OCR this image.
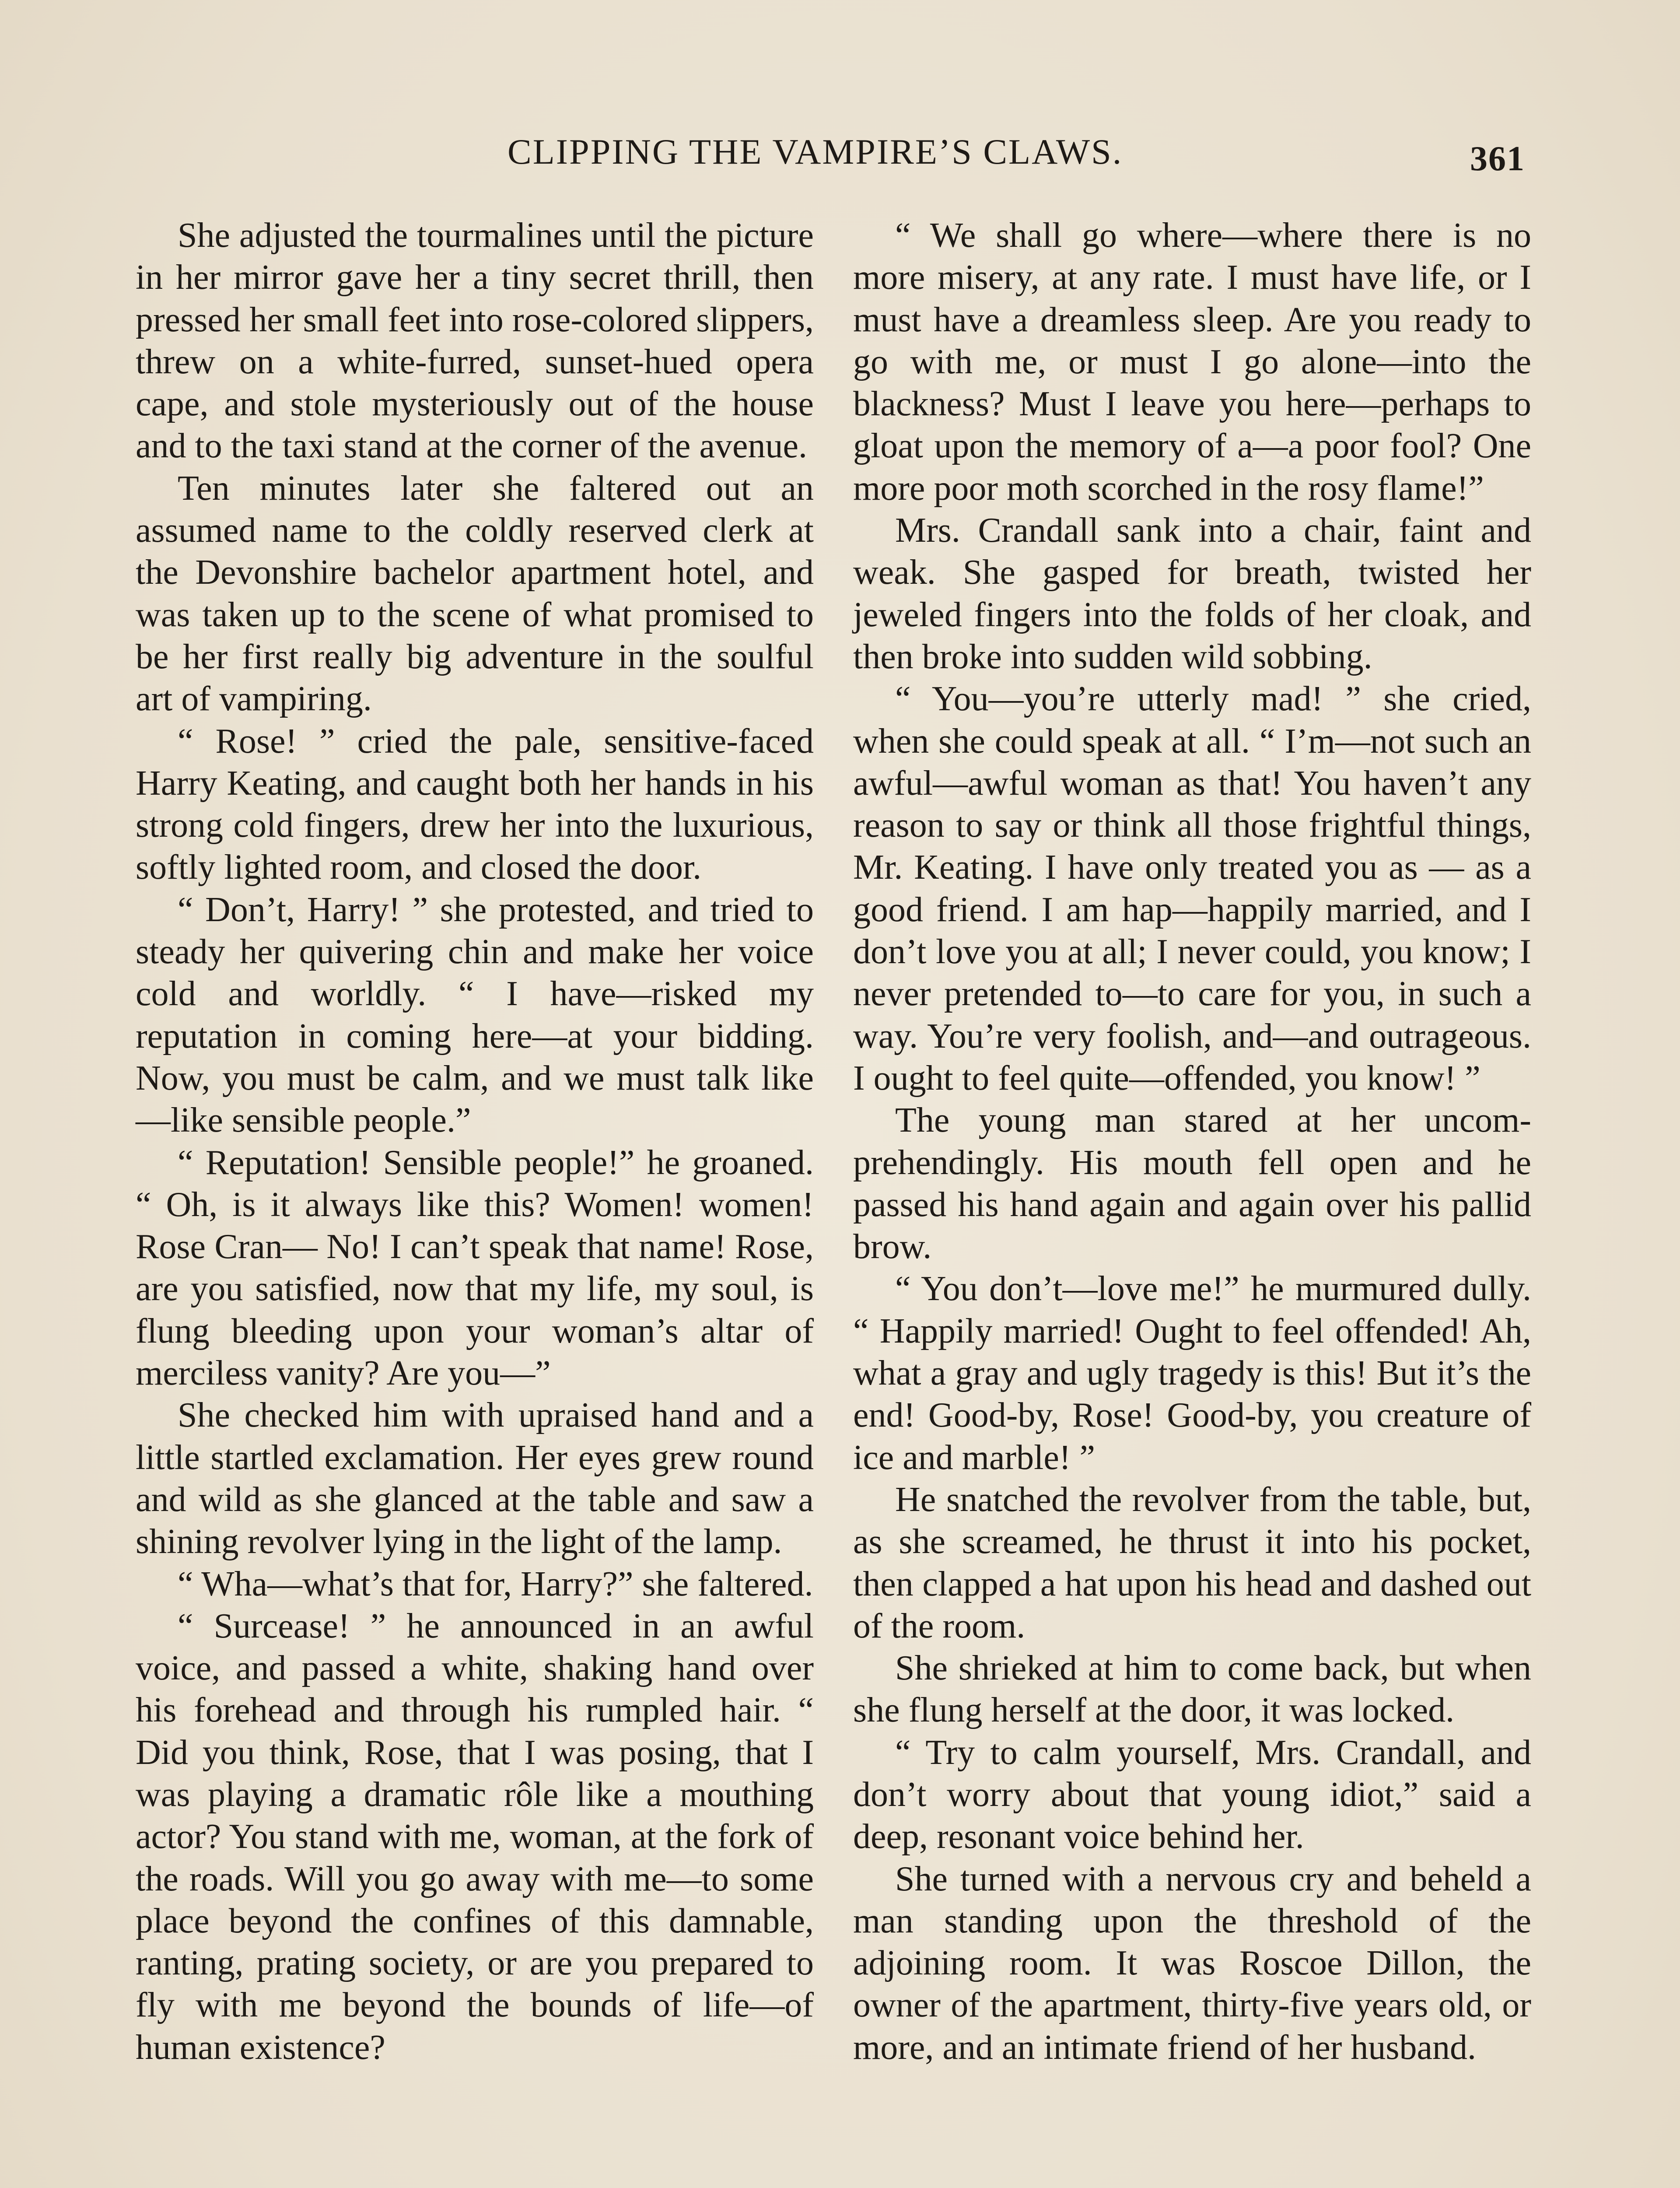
CLIPPING THE VAMPIRE’S CLAWS.	361

She adjusted the tourmalines until the picture in her mirror gave her a tiny secret thrill, then pressed her small feet into rose-colored slippers, threw on a white-furred, sunset-hued opera cape, and stole mysteriously out of the house and to the taxi stand at the corner of the avenue.

Ten minutes later she faltered out an assumed name to the coldly reserved clerk at the Devonshire bachelor apartment hotel, and was taken up to the scene of what promised to be her first really big adventure in the soulful art of vampiring.

“ Rose! ” cried the pale, sensitive-faced Harry Keating, and caught both her hands in his strong cold fingers, drew her into the luxurious, softly lighted room, and closed the door.

“ Don’t, Harry! ” she protested, and tried to steady her quivering chin and make her voice cold and worldly. “ I have—risked my reputation in coming here—at your bidding. Now, you must be calm, and we must talk like—like sensible people.”

“ Reputation! Sensible people!” he groaned. “ Oh, is it always like this? Women! women! Rose Cran— No! I can’t speak that name! Rose, are you satisfied, now that my life, my soul, is flung bleeding upon your woman’s altar of merciless vanity? Are you—”

She checked him with upraised hand and a little startled exclamation. Her eyes grew round and wild as she glanced at the table and saw a shining revolver lying in the light of the lamp.

“ Wha—what’s that for, Harry?” she faltered.

“ Surcease! ” he announced in an awful voice, and passed a white, shaking hand over his forehead and through his rumpled hair. “ Did you think, Rose, that I was posing, that I was playing a dramatic rôle like a mouthing actor? You stand with me, woman, at the fork of the roads. Will you go away with me—to some place beyond the confines of this damnable, ranting, prating society, or are you prepared to fly with me beyond the bounds of life—of human existence?

“ We shall go where—where there is no more misery, at any rate. I must have life, or I must have a dreamless sleep. Are you ready to go with me, or must I go alone—into the blackness? Must I leave you here—perhaps to gloat upon the memory of a—a poor fool? One more poor moth scorched in the rosy flame!”

Mrs. Crandall sank into a chair, faint and weak. She gasped for breath, twisted her jeweled fingers into the folds of her cloak, and then broke into sudden wild sobbing.

“ You—you’re utterly mad! ” she cried, when she could speak at all. “ I’m—not such an awful—awful woman as that! You haven’t any reason to say or think all those frightful things, Mr. Keating. I have only treated you as — as a good friend. I am hap—happily married, and I don’t love you at all; I never could, you know; I never pretended to—to care for you, in such a way. You’re very foolish, and—and outrageous. I ought to feel quite—offended, you know! ”

The young man stared at her uncomprehendingly. His mouth fell open and he passed his hand again and again over his pallid brow.

“ You don’t—love me!” he murmured dully. “ Happily married! Ought to feel offended! Ah, what a gray and ugly tragedy is this! But it’s the end! Good-by, Rose! Good-by, you creature of ice and marble! ”

He snatched the revolver from the table, but, as she screamed, he thrust it into his pocket, then clapped a hat upon his head and dashed out of the room.

She shrieked at him to come back, but when she flung herself at the door, it was locked.

“ Try to calm yourself, Mrs. Crandall, and don’t worry about that young idiot,” said a deep, resonant voice behind her.

She turned with a nervous cry and beheld a man standing upon the threshold of the adjoining room. It was Roscoe Dillon, the owner of the apartment, thirty-five years old, or more, and an intimate friend of her husband.
